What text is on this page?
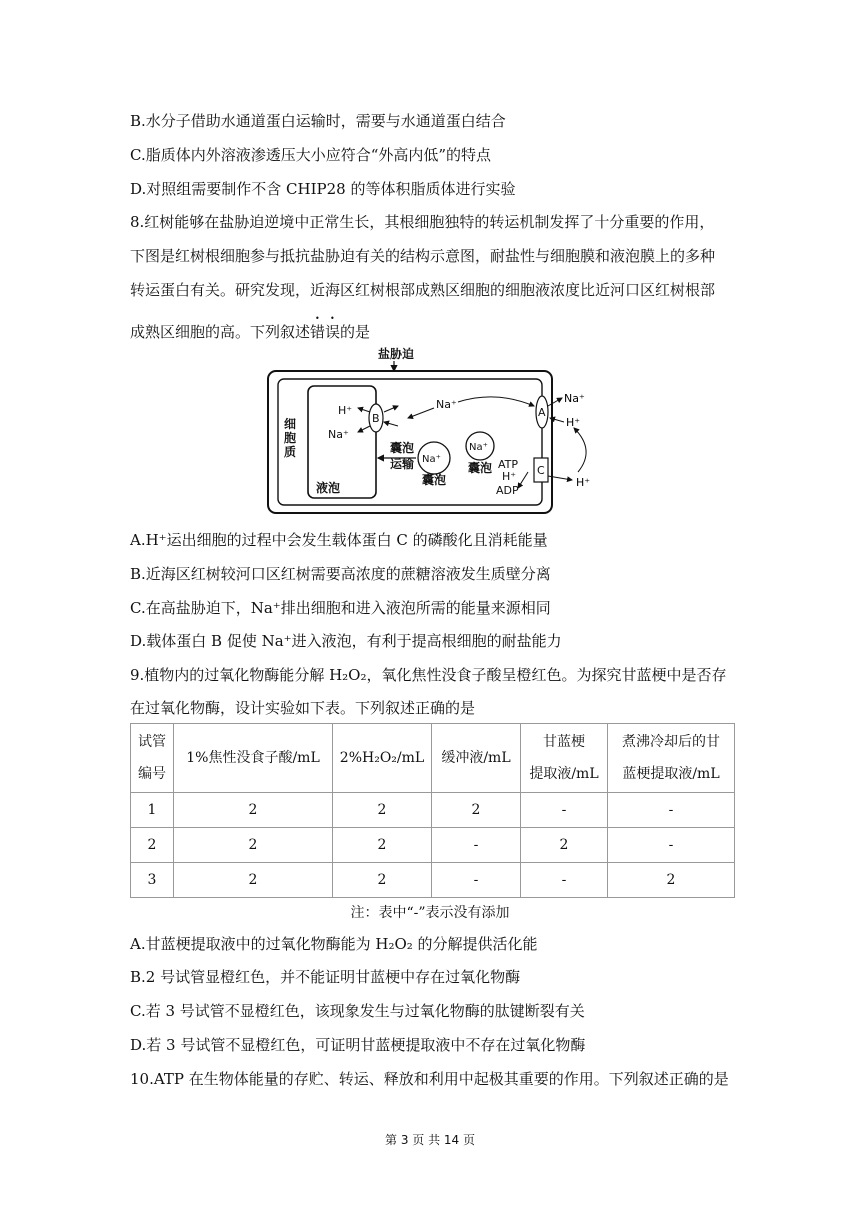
B.水分子借助水通道蛋白运输时，需要与水通道蛋白结合
C.脂质体内外溶液渗透压大小应符合“外高内低”的特点
D.对照组需要制作不含 CHIP28 的等体积脂质体进行实验
8.红树能够在盐胁迫逆境中正常生长，其根细胞独特的转运机制发挥了十分重要的作用，
下图是红树根细胞参与抵抗盐胁迫有关的结构示意图，耐盐性与细胞膜和液泡膜上的多种
转运蛋白有关。研究发现，近海区红树根部成熟区细胞的细胞液浓度比近河口区红树根部
成熟区细胞的高。下列叙述错误的是
盐胁迫
细
胞
质
液泡
B
H⁺
Na⁺
Na⁺
囊泡
运输 Na⁺
囊泡
Na⁺
囊泡
A
C
ATP
H⁺
ADP
Na⁺
H⁺
H⁺
A.H⁺运出细胞的过程中会发生载体蛋白 C 的磷酸化且消耗能量
B.近海区红树较河口区红树需要高浓度的蔗糖溶液发生质壁分离
C.在高盐胁迫下，Na⁺排出细胞和进入液泡所需的能量来源相同
D.载体蛋白 B 促使 Na⁺进入液泡，有利于提高根细胞的耐盐能力
9.植物内的过氧化物酶能分解 H₂O₂，氧化焦性没食子酸呈橙红色。为探究甘蓝梗中是否存
在过氧化物酶，设计实验如下表。下列叙述正确的是
试管
编号	1%焦性没食子酸/mL	2%H₂O₂/mL	缓冲液/mL	甘蓝梗
提取液/mL	煮沸冷却后的甘
蓝梗提取液/mL
1	2	2	2	-	-
2	2	2	-	2	-
3	2	2	-	-	2
注：表中“-”表示没有添加
A.甘蓝梗提取液中的过氧化物酶能为 H₂O₂ 的分解提供活化能
B.2 号试管显橙红色，并不能证明甘蓝梗中存在过氧化物酶
C.若 3 号试管不显橙红色，该现象发生与过氧化物酶的肽键断裂有关
D.若 3 号试管不显橙红色，可证明甘蓝梗提取液中不存在过氧化物酶
10.ATP 在生物体能量的存贮、转运、释放和利用中起极其重要的作用。下列叙述正确的是
第 3 页 共 14 页
